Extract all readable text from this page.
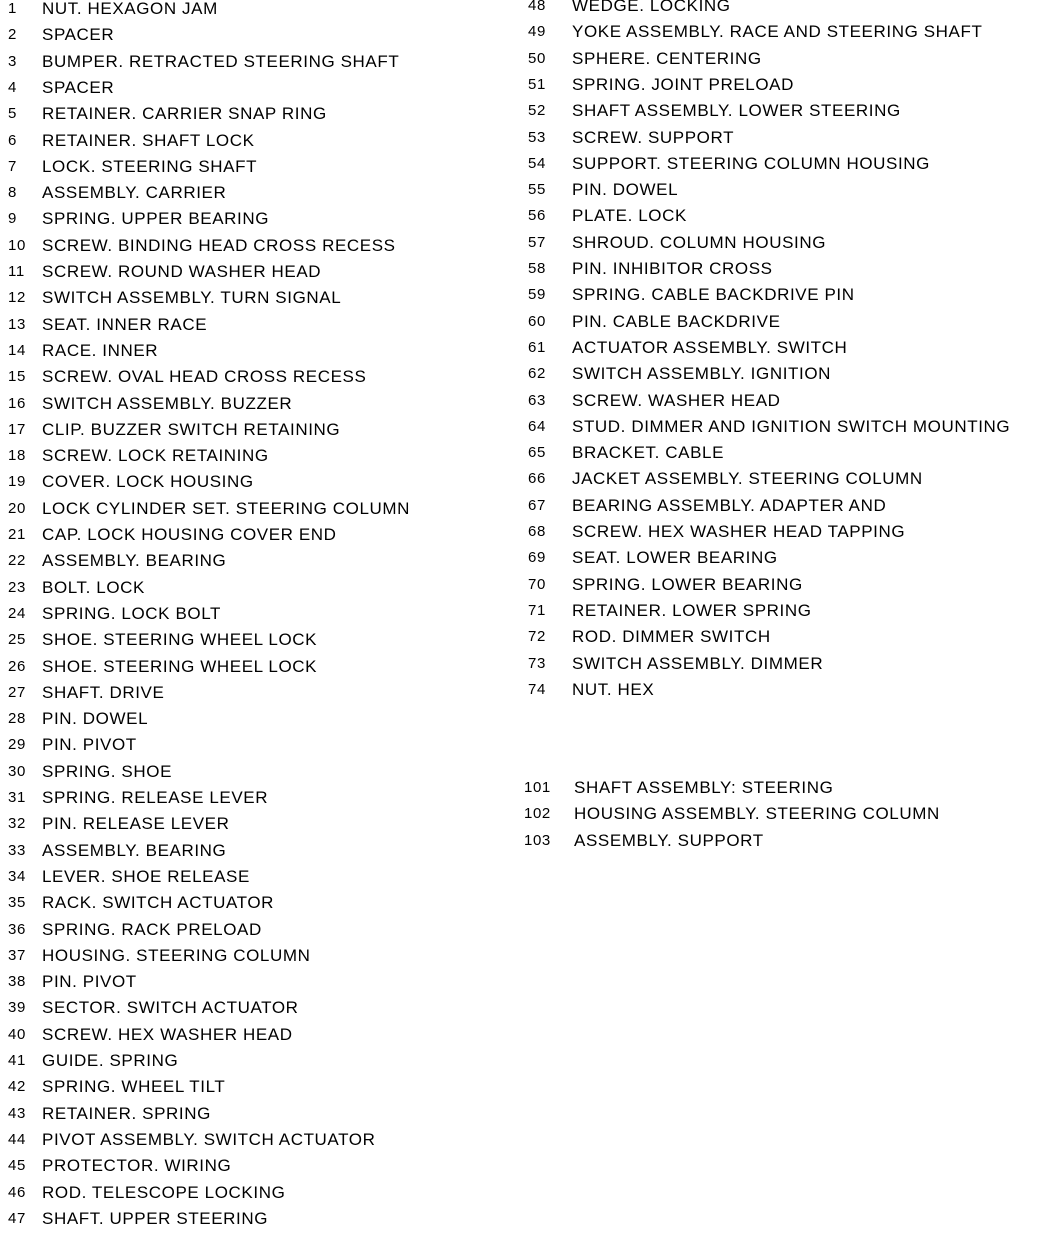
1	NUT. HEXAGON JAM
2	SPACER
3	BUMPER. RETRACTED STEERING SHAFT
4	SPACER
5	RETAINER. CARRIER SNAP RING
6	RETAINER. SHAFT LOCK
7	LOCK. STEERING SHAFT
8	ASSEMBLY. CARRIER
9	SPRING. UPPER BEARING
10 SCREW. BINDING HEAD CROSS RECESS
11	SCREW. ROUND WASHER HEAD
12 SWITCH ASSEMBLY. TURN SIGNAL
13 SEAT. INNER RACE
14 RACE. INNER
15 SCREW. OVAL HEAD CROSS RECESS
16 SWITCH ASSEMBLY. BUZZER
17 CLIP. BUZZER SWITCH RETAINING
18 SCREW. LOCK RETAINING
19 COVER. LOCK HOUSING
20 LOCK CYLINDER SET. STEERING COLUMN
21 CAP. LOCK HOUSING COVER END
22 ASSEMBLY. BEARING
23 BOLT. LOCK
24 SPRING. LOCK BOLT
25 SHOE. STEERING WHEEL LOCK
26 SHOE. STEERING WHEEL LOCK
27 SHAFT. DRIVE
28 PIN. DOWEL
29 PIN. PIVOT
30 SPRING. SHOE
31 SPRING. RELEASE LEVER
32 PIN. RELEASE LEVER
33 ASSEMBLY. BEARING
34 LEVER. SHOE RELEASE
35 RACK. SWITCH ACTUATOR
36 SPRING. RACK PRELOAD
37 HOUSING. STEERING COLUMN
38 PIN. PIVOT
39 SECTOR. SWITCH ACTUATOR
40 SCREW. HEX WASHER HEAD
41 GUIDE. SPRING
42 SPRING. WHEEL TILT
43 RETAINER. SPRING
44 PIVOT ASSEMBLY. SWITCH ACTUATOR
45 PROTECTOR. WIRING
46 ROD. TELESCOPE LOCKING
47 SHAFT. UPPER STEERING
48	WEDGE. LOCKING
49	YOKE ASSEMBLY. RACE AND STEERING SHAFT
50	SPHERE. CENTERING
51	SPRING. JOINT PRELOAD
52	SHAFT ASSEMBLY. LOWER STEERING
53	SCREW. SUPPORT
54	SUPPORT. STEERING COLUMN HOUSING
55	PIN. DOWEL
56	PLATE. LOCK
57	SHROUD. COLUMN HOUSING
58	PIN. INHIBITOR CROSS
59	SPRING. CABLE BACKDRIVE PIN
60	PIN. CABLE BACKDRIVE
61	ACTUATOR ASSEMBLY. SWITCH
62	SWITCH ASSEMBLY. IGNITION
63	SCREW. WASHER HEAD
64	STUD. DIMMER AND IGNITION SWITCH MOUNTING
65	BRACKET. CABLE
66	JACKET ASSEMBLY. STEERING COLUMN
67	BEARING ASSEMBLY. ADAPTER AND
68	SCREW. HEX WASHER HEAD TAPPING
69	SEAT. LOWER BEARING
70	SPRING. LOWER BEARING
71	RETAINER. LOWER SPRING
72	ROD. DIMMER SWITCH
73	SWITCH ASSEMBLY. DIMMER
74	NUT. HEX
101	SHAFT ASSEMBLY: STEERING
102	HOUSING ASSEMBLY. STEERING COLUMN
103	ASSEMBLY. SUPPORT
